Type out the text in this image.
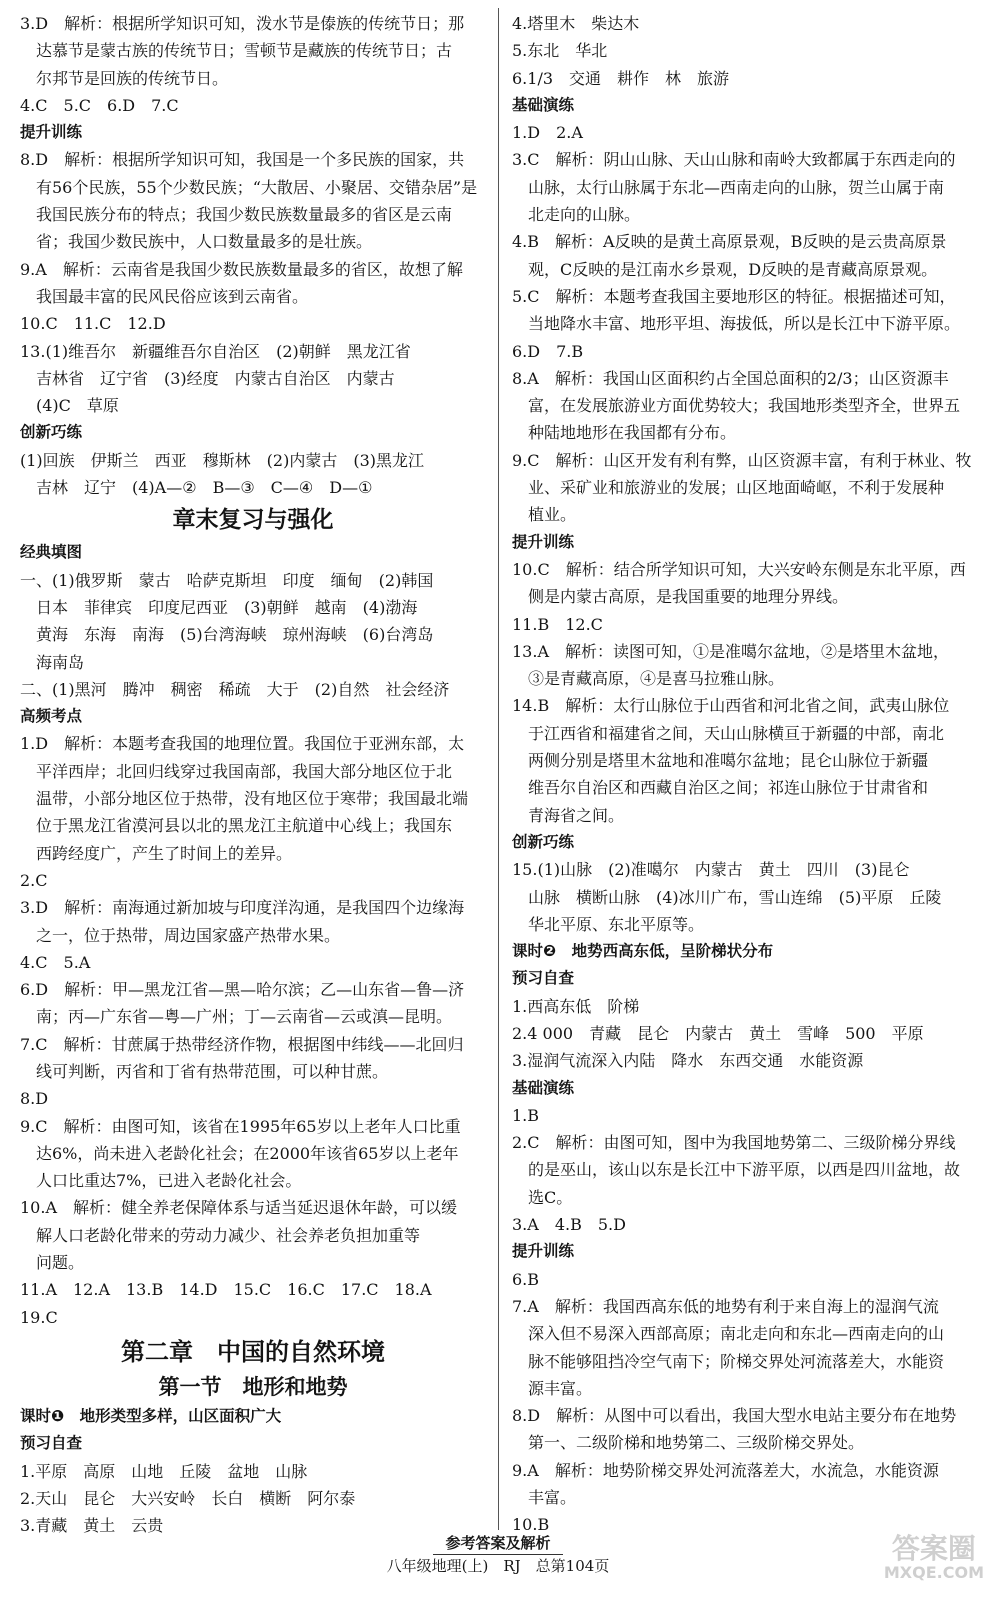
3.D　解析：根据所学知识可知，泼水节是傣族的传统节日；那
　达慕节是蒙古族的传统节日；雪顿节是藏族的传统节日；古
　尔邦节是回族的传统节日。
4.C　5.C　6.D　7.C
提升训练
8.D　解析：根据所学知识可知，我国是一个多民族的国家，共
　有56个民族，55个少数民族；“大散居、小聚居、交错杂居”是
　我国民族分布的特点；我国少数民族数量最多的省区是云南
　省；我国少数民族中，人口数量最多的是壮族。
9.A　解析：云南省是我国少数民族数量最多的省区，故想了解
　我国最丰富的民风民俗应该到云南省。
10.C　11.C　12.D
13.(1)维吾尔　新疆维吾尔自治区　(2)朝鲜　黑龙江省
　吉林省　辽宁省　(3)经度　内蒙古自治区　内蒙古
　(4)C　草原
创新巧练
(1)回族　伊斯兰　西亚　穆斯林　(2)内蒙古　(3)黑龙江
　吉林　辽宁　(4)A—②　B—③　C—④　D—①
章末复习与强化
经典填图
一、(1)俄罗斯　蒙古　哈萨克斯坦　印度　缅甸　(2)韩国
　日本　菲律宾　印度尼西亚　(3)朝鲜　越南　(4)渤海
　黄海　东海　南海　(5)台湾海峡　琼州海峡　(6)台湾岛
　海南岛
二、(1)黑河　腾冲　稠密　稀疏　大于　(2)自然　社会经济
高频考点
1.D　解析：本题考查我国的地理位置。我国位于亚洲东部，太
　平洋西岸；北回归线穿过我国南部，我国大部分地区位于北
　温带，小部分地区位于热带，没有地区位于寒带；我国最北端
　位于黑龙江省漠河县以北的黑龙江主航道中心线上；我国东
　西跨经度广，产生了时间上的差异。
2.C
3.D　解析：南海通过新加坡与印度洋沟通，是我国四个边缘海
　之一，位于热带，周边国家盛产热带水果。
4.C　5.A
6.D　解析：甲—黑龙江省—黑—哈尔滨；乙—山东省—鲁—济
　南；丙—广东省—粤—广州；丁—云南省—云或滇—昆明。
7.C　解析：甘蔗属于热带经济作物，根据图中纬线——北回归
　线可判断，丙省和丁省有热带范围，可以种甘蔗。
8.D
9.C　解析：由图可知，该省在1995年65岁以上老年人口比重
　达6%，尚未进入老龄化社会；在2000年该省65岁以上老年
　人口比重达7%，已进入老龄化社会。
10.A　解析：健全养老保障体系与适当延迟退休年龄，可以缓
　解人口老龄化带来的劳动力减少、社会养老负担加重等
　问题。
11.A　12.A　13.B　14.D　15.C　16.C　17.C　18.A
19.C
第二章　中国的自然环境
第一节　地形和地势
课时❶　地形类型多样，山区面积广大
预习自查
1.平原　高原　山地　丘陵　盆地　山脉
2.天山　昆仑　大兴安岭　长白　横断　阿尔泰
3.青藏　黄土　云贵
4.塔里木　柴达木
5.东北　华北
6.1/3　交通　耕作　林　旅游
基础演练
1.D　2.A
3.C　解析：阴山山脉、天山山脉和南岭大致都属于东西走向的
　山脉，太行山脉属于东北—西南走向的山脉，贺兰山属于南
　北走向的山脉。
4.B　解析：A反映的是黄土高原景观，B反映的是云贵高原景
　观，C反映的是江南水乡景观，D反映的是青藏高原景观。
5.C　解析：本题考查我国主要地形区的特征。根据描述可知，
　当地降水丰富、地形平坦、海拔低，所以是长江中下游平原。
6.D　7.B
8.A　解析：我国山区面积约占全国总面积的2/3；山区资源丰
　富，在发展旅游业方面优势较大；我国地形类型齐全，世界五
　种陆地地形在我国都有分布。
9.C　解析：山区开发有利有弊，山区资源丰富，有利于林业、牧
　业、采矿业和旅游业的发展；山区地面崎岖，不利于发展种
　植业。
提升训练
10.C　解析：结合所学知识可知，大兴安岭东侧是东北平原，西
　侧是内蒙古高原，是我国重要的地理分界线。
11.B　12.C
13.A　解析：读图可知，①是准噶尔盆地，②是塔里木盆地，
　③是青藏高原，④是喜马拉雅山脉。
14.B　解析：太行山脉位于山西省和河北省之间，武夷山脉位
　于江西省和福建省之间，天山山脉横亘于新疆的中部，南北
　两侧分别是塔里木盆地和准噶尔盆地；昆仑山脉位于新疆
　维吾尔自治区和西藏自治区之间；祁连山脉位于甘肃省和
　青海省之间。
创新巧练
15.(1)山脉　(2)准噶尔　内蒙古　黄土　四川　(3)昆仑
　山脉　横断山脉　(4)冰川广布，雪山连绵　(5)平原　丘陵
　华北平原、东北平原等。
课时❷　地势西高东低，呈阶梯状分布
预习自查
1.西高东低　阶梯
2.4 000　青藏　昆仑　内蒙古　黄土　雪峰　500　平原
3.湿润气流深入内陆　降水　东西交通　水能资源
基础演练
1.B
2.C　解析：由图可知，图中为我国地势第二、三级阶梯分界线
　的是巫山，该山以东是长江中下游平原，以西是四川盆地，故
　选C。
3.A　4.B　5.D
提升训练
6.B
7.A　解析：我国西高东低的地势有利于来自海上的湿润气流
　深入但不易深入西部高原；南北走向和东北—西南走向的山
　脉不能够阻挡冷空气南下；阶梯交界处河流落差大，水能资
　源丰富。
8.D　解析：从图中可以看出，我国大型水电站主要分布在地势
　第一、二级阶梯和地势第二、三级阶梯交界处。
9.A　解析：地势阶梯交界处河流落差大，水流急，水能资源
　丰富。
10.B
参考答案及解析
八年级地理(上)　RJ　总第104页
答案圈
MXQE.COM
